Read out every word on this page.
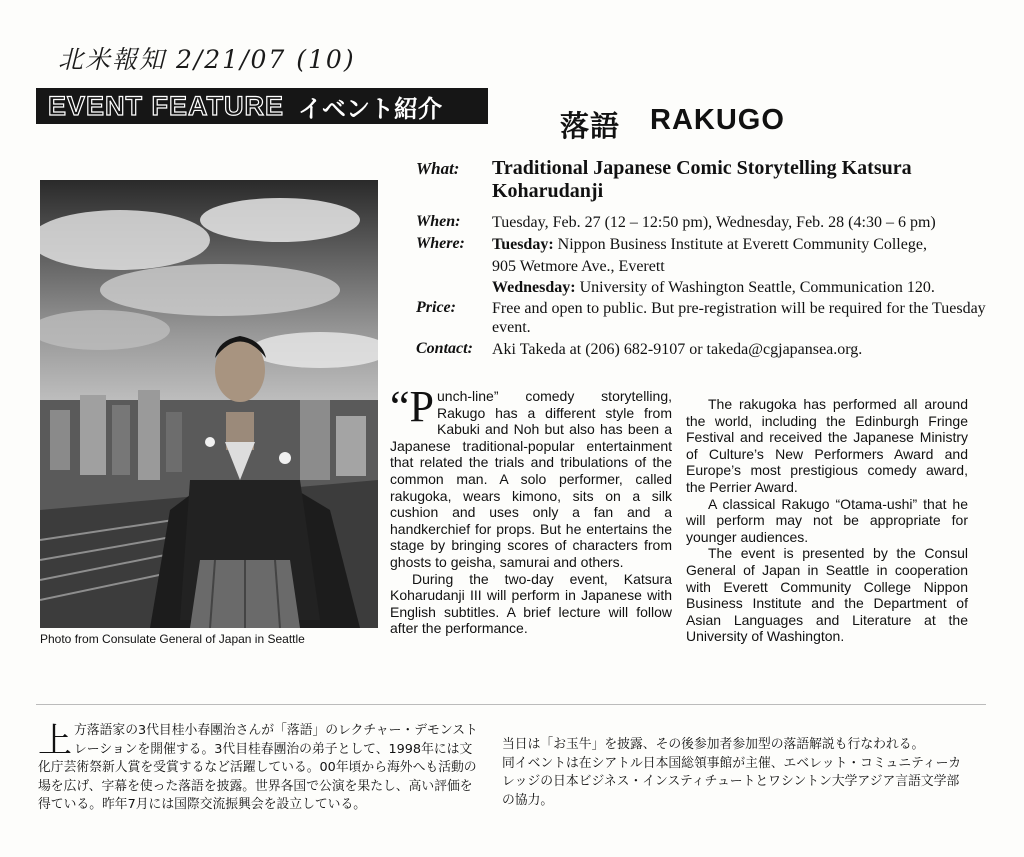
北米報知 2/21/07 (10)
EVENT FEATURE イベント紹介
落語 RAKUGO
Photo from Consulate General of Japan in Seattle
What:	Traditional Japanese Comic Storytelling Katsura Koharudanji
When:	Tuesday, Feb. 27 (12 – 12:50 pm), Wednesday, Feb. 28 (4:30 – 6 pm)
Where:	Tuesday: Nippon Business Institute at Everett Community College,
905 Wetmore Ave., Everett
Wednesday: University of Washington Seattle, Communication 120.
Price:	Free and open to public. But pre-registration will be required for the Tuesday event.
Contact:	Aki Takeda at (206) 682-9107 or takeda@cgjapansea.org.

“Punch-line” comedy storytelling, Rakugo has a different style from Kabuki and Noh but also has been a Japanese traditional-popular entertainment that related the trials and tribulations of the common man. A solo performer, called rakugoka, wears kimono, sits on a silk cushion and uses only a fan and a handkerchief for props. But he entertains the stage by bringing scores of characters from ghosts to geisha, samurai and others.

During the two-day event, Katsura Koharudanji III will perform in Japanese with English subtitles. A brief lecture will follow after the performance.

The rakugoka has performed all around the world, including the Edinburgh Fringe Festival and received the Japanese Ministry of Culture’s New Performers Award and Europe’s most prestigious comedy award, the Perrier Award.

A classical Rakugo “Otama-ushi” that he will perform may not be appropriate for younger audiences.

The event is presented by the Consul General of Japan in Seattle in cooperation with Everett Community College Nippon Business Institute and the Department of Asian Languages and Literature at the University of Washington.

上方落語家の3代目桂小春團治さんが「落語」のレクチャー・デモンストレーションを開催する。3代目桂春團治の弟子として、1998年には文化庁芸術祭新人賞を受賞するなど活躍している。00年頃から海外へも活動の場を広げ、字幕を使った落語を披露。世界各国で公演を果たし、高い評価を得ている。昨年7月には国際交流振興会を設立している。
当日は「お玉牛」を披露、その後参加者参加型の落語解説も行なわれる。
同イベントは在シアトル日本国総領事館が主催、エベレット・コミュニティーカレッジの日本ビジネス・インスティチュートとワシントン大学アジア言語文学部の協力。
